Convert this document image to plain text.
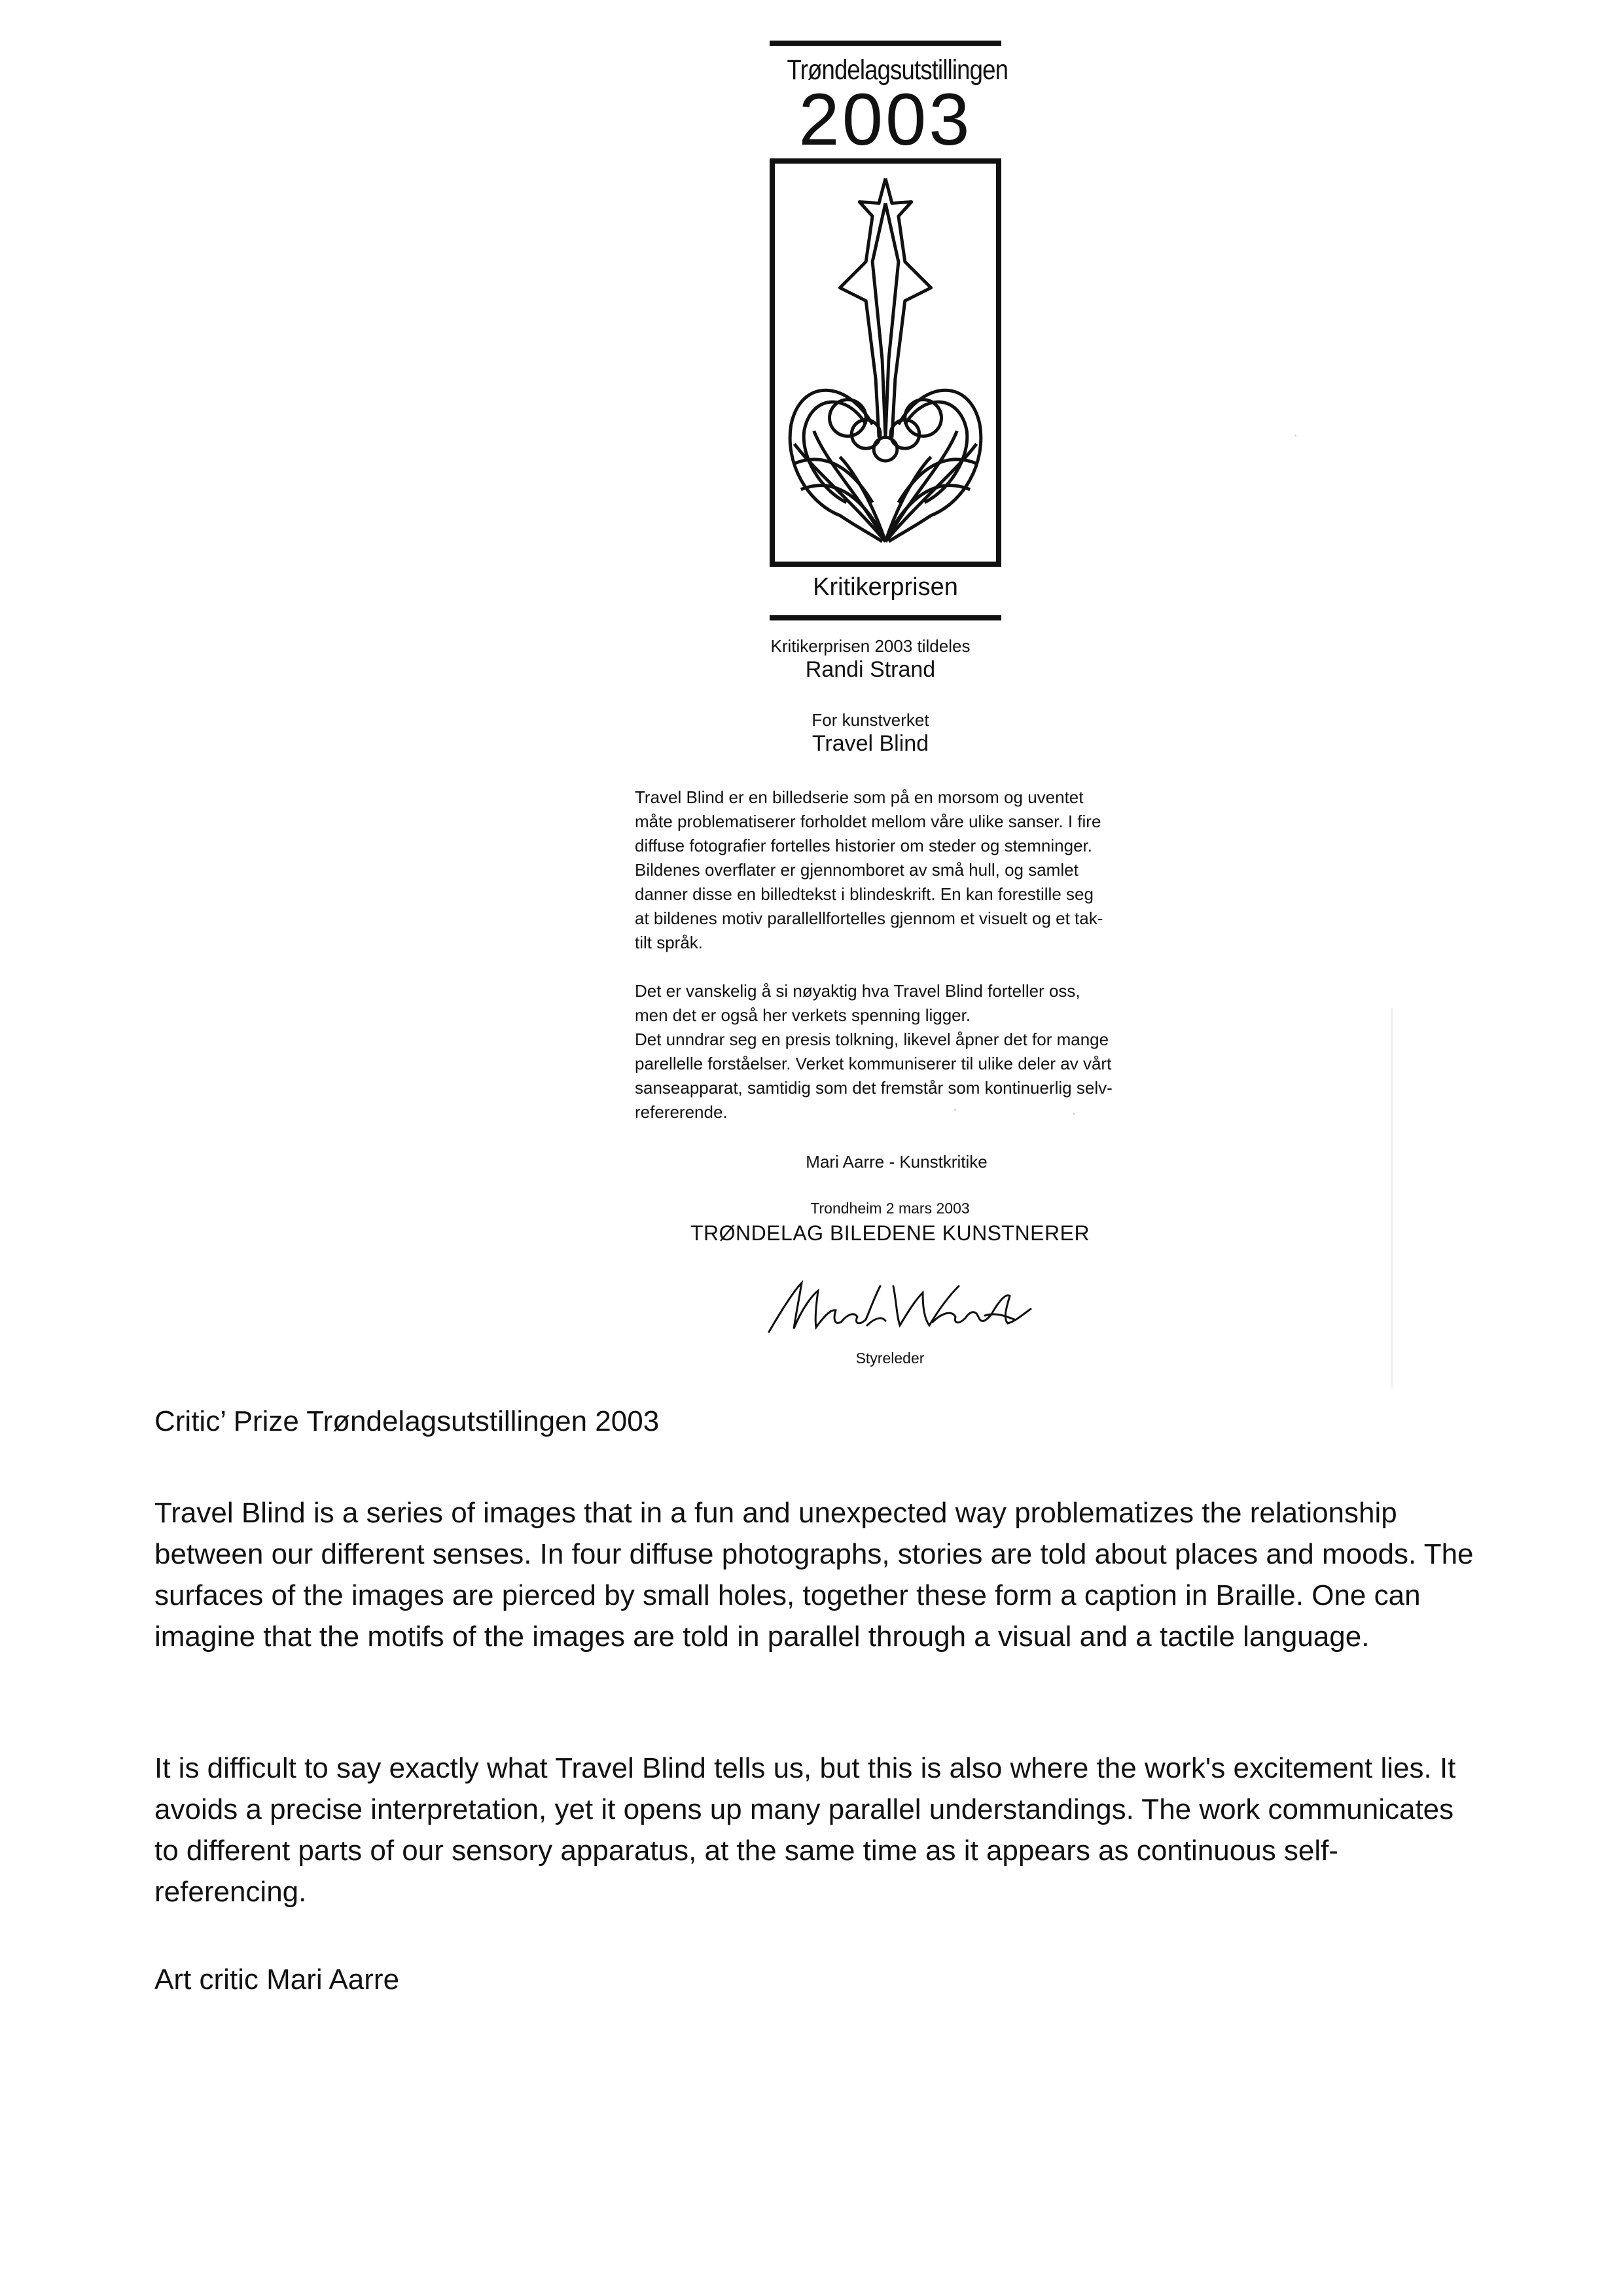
Trøndelagsutstillingen
2003
Kritikerprisen
Kritikerprisen 2003 tildeles
Randi Strand
For kunstverket
Travel Blind

Travel Blind er en billedserie som på en morsom og uventet
måte problematiserer forholdet mellom våre ulike sanser. I fire
diffuse fotografier fortelles historier om steder og stemninger.
Bildenes overflater er gjennomboret av små hull, og samlet
danner disse en billedtekst i blindeskrift. En kan forestille seg
at bildenes motiv parallellfortelles gjennom et visuelt og et tak-
tilt språk.

Det er vanskelig å si nøyaktig hva Travel Blind forteller oss,
men det er også her verkets spenning ligger.
Det unndrar seg en presis tolkning, likevel åpner det for mange
parellelle forståelser. Verket kommuniserer til ulike deler av vårt
sanseapparat, samtidig som det fremstår som kontinuerlig selv-
refererende.

Mari Aarre - Kunstkritike
Trondheim 2 mars 2003
TRØNDELAG BILEDENE KUNSTNERER
Styreleder
Critic’ Prize Trøndelagsutstillingen 2003

Travel Blind is a series of images that in a fun and unexpected way problematizes the relationship between our different senses. In four diffuse photographs, stories are told about places and moods. The surfaces of the images are pierced by small holes, together these form a caption in Braille. One can imagine that the motifs of the images are told in parallel through a visual and a tactile language.

It is difficult to say exactly what Travel Blind tells us, but this is also where the work's excitement lies. It avoids a precise interpretation, yet it opens up many parallel understandings. The work communicates to different parts of our sensory apparatus, at the same time as it appears as continuous self-referencing.

Art critic Mari Aarre
